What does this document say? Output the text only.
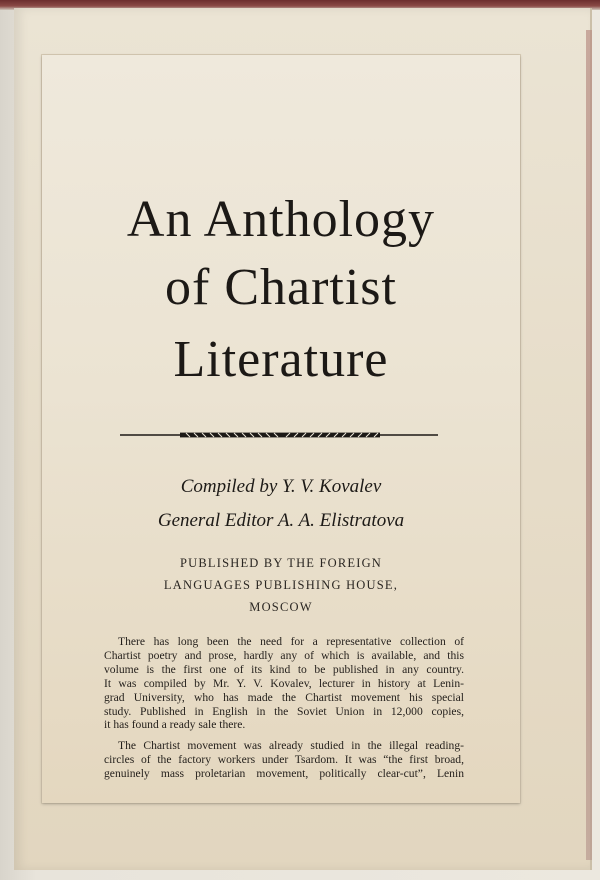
An Anthology
of Chartist
Literature
Compiled by Y. V. Kovalev
General Editor A. A. Elistratova
PUBLISHED BY THE FOREIGN
LANGUAGES PUBLISHING HOUSE,
MOSCOW
There has long been the need for a representative collection of
Chartist poetry and prose, hardly any of which is available, and this
volume is the first one of its kind to be published in any country.
It was compiled by Mr. Y. V. Kovalev, lecturer in history at Lenin-
grad University, who has made the Chartist movement his special
study. Published in English in the Soviet Union in 12,000 copies,
it has found a ready sale there.
The Chartist movement was already studied in the illegal reading-
circles of the factory workers under Tsardom. It was “the first broad,
genuinely mass proletarian movement, politically clear-cut”, Lenin
